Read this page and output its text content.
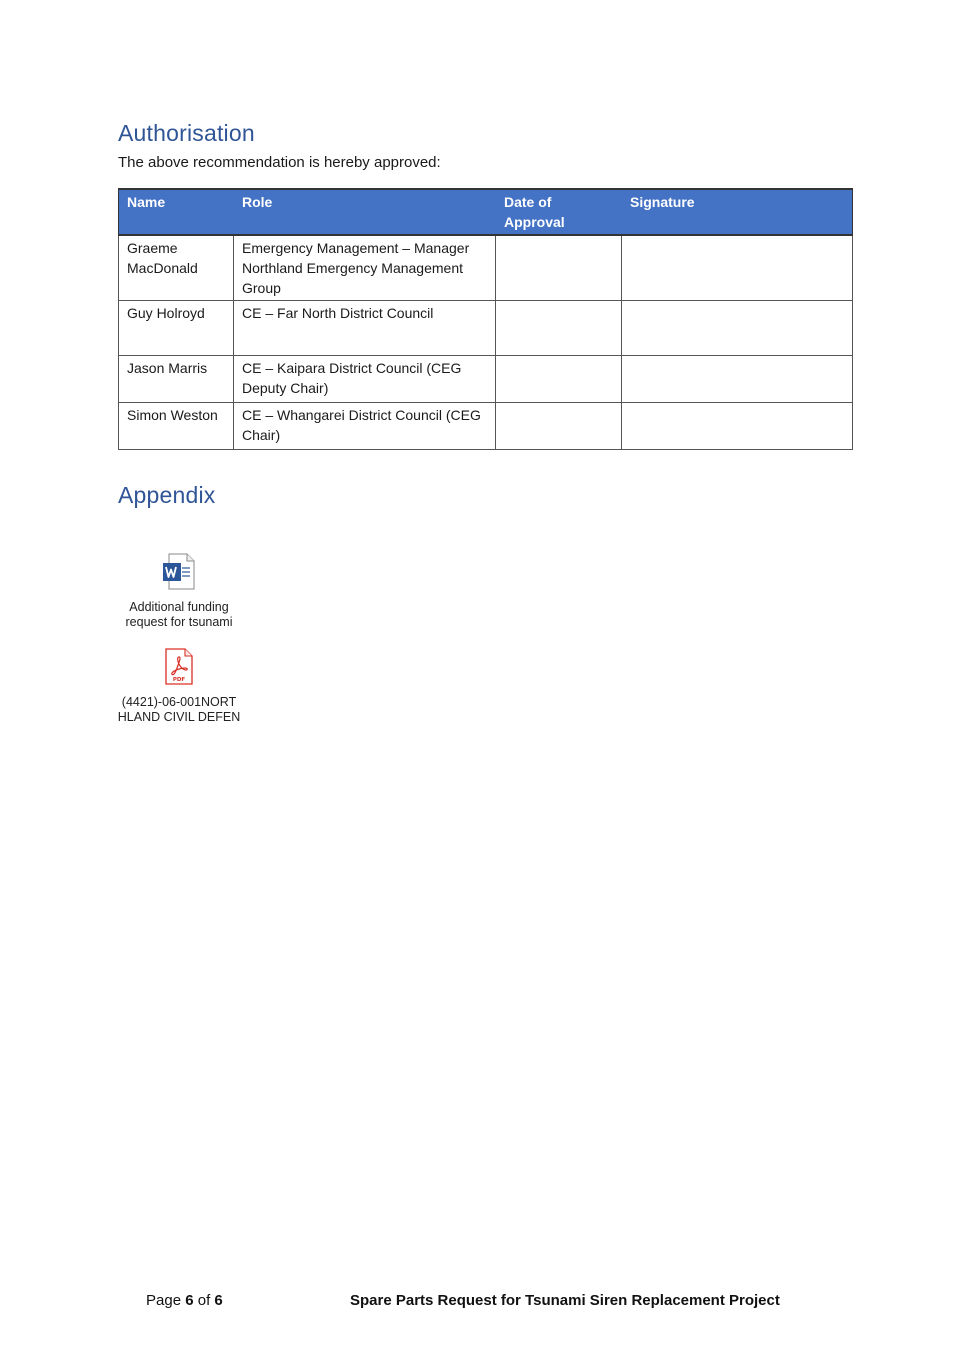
Authorisation

The above recommendation is hereby approved:

Name	Role	Date of Approval	Signature
Graeme MacDonald	Emergency Management – Manager Northland Emergency Management Group		
Guy Holroyd	CE – Far North District Council		
Jason Marris	CE – Kaipara District Council (CEG Deputy Chair)		
Simon Weston	CE – Whangarei District Council (CEG Chair)		
Appendix
Additional funding
request for tsunami
PDF
(4421)-06-001NORT
HLAND CIVIL DEFEN
Page 6 of 6	Spare Parts Request for Tsunami Siren Replacement Project
